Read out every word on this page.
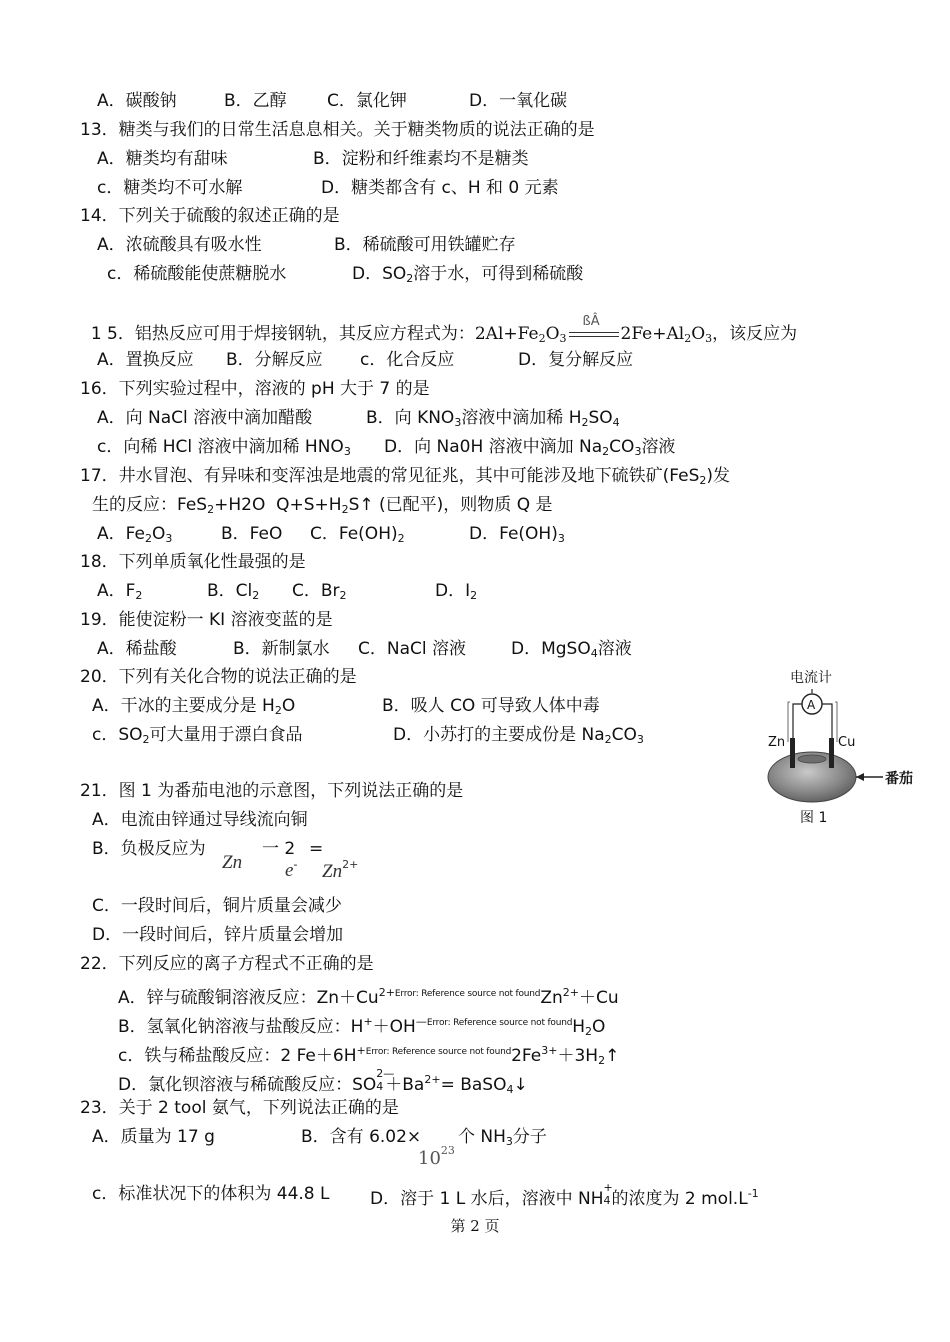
A．碳酸钠	B．乙醇 C．氯化钾	D．一氧化碳
13．糖类与我们的日常生活息息相关。关于糖类物质的说法正确的是
A．糖类均有甜味	B．淀粉和纤维素均不是糖类
c．糖类均不可水解	D．糖类都含有 c、H 和 0 元素
14．下列关于硫酸的叙述正确的是
A．浓硫酸具有吸水性	B．稀硫酸可用铁罐贮存
c．稀硫酸能使蔗糖脱水	D．$SO_2$溶于水，可得到稀硫酸

1 5．铝热反应可用于焊接钢轨，其反应方程式为：$2Al+Fe_2O_3$
ßÂ
$2Fe+Al_2O_3$，该反应为

A．置换反应 B．分解反应 c．化合反应	D．复分解反应
16．下列实验过程中，溶液的 pH 大于 7 的是
A．向 NaCl 溶液中滴加醋酸	B．向 $KNO_3$溶液中滴加稀 $H_2SO_4$
c．向稀 HCl 溶液中滴加稀 $HNO_3$ D．向 Na0H 溶液中滴加 $Na_2CO_3$溶液
17．井水冒泡、有异味和变浑浊是地震的常见征兆，其中可能涉及地下硫铁矿(FeS$_2$)发
生的反应：FeS$_2$+H2O  $Q+S+H_2S↑$ (已配平)，则物质 Q 是
A．$Fe_2O_3$	B．FeO C．$Fe(OH)_2$	D．$Fe(OH)_3$
18．下列单质氧化性最强的是
A．$F_2$	B．$Cl_2$ C．$Br_2$	D．$I_2$
19．能使淀粉一 KI 溶液变蓝的是
A．稀盐酸	B．新制氯水 C．NaCl 溶液	D．MgSO$_4$溶液
20．下列有关化合物的说法正确的是
A．干冰的主要成分是 $H_2O$	B．吸人 CO 可导致人体中毒
c．$SO_2$可大量用于漂白食品	D．小苏打的主要成份是 $Na_2CO_3$
电流计
A
Zn	Cu
番茄
图 1
21．图 1 为番茄电池的示意图，下列说法正确的是
A．电流由锌通过导线流向铜
B．负极反应为
Zn
一 2
e-
=
$Zn^{2+}$
C．一段时间后，铜片质量会减少
D．一段时间后，锌片质量会增加
22．下列反应的离子方程式不正确的是
A．锌与硫酸铜溶液反应：$Zn+Cu^{2+Error: Reference source not found}Zn^{2+}+Cu$
B．氢氧化钠溶液与盐酸反应：$H^++OH^{—Error: Reference source not found}H_2O$
c．铁与稀盐酸反应：2 $Fe+6H^{+Error: Reference source not found}2Fe^{3+}+3H_2↑$
D．氯化钡溶液与稀硫酸反应：SO
2—
$4 +Ba^{2+}=$ BaSO$_4$↓
23．关于 2 tool 氨气，下列说法正确的是
A．质量为 17 g	B．含有 6.02×
$10^{23}$
个 $NH_3$分子
c．标准状况下的体积为 44.8 L D．溶于 1 L 水后，溶液中 NH
+
4 的浓度为 2 $mol.L^{-1}$
第 2 页
